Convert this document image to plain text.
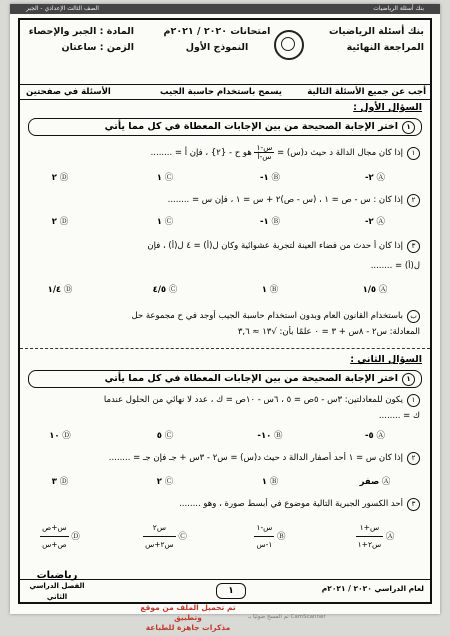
بنك أسئلة الرياضيات
الصف الثالث الإعدادي - الجبر
بنك أسئلة الرياضيات
المراجعة النهائية
امتحانات ٢٠٢٠ / ٢٠٢١م
النموذج الأول
المادة : الجبر والإحصاء
الزمن : ساعتان
أجب عن جميع الأسئلة التالية
يسمح باستخدام حاسبة الجيب
الأسئلة في صفحتين
السؤال الأول :
١اختر الإجابة الصحيحة من بين الإجابات المعطاة في كل مما يأتي
١إذا كان مجال الدالة د حيث د(س) =
$\frac{\text{س-١}}{\text{س-أ}}$
هو ح - {٢} ، فإن أ = ........
Ⓐ ٢-
Ⓑ ١-
Ⓒ ١
Ⓓ ٢
٢إذا كان : س - ص = ١ ، (س - ص)٢ + س = ١ ، فإن س = ........
Ⓐ ٢-
Ⓑ ١-
Ⓒ ١
Ⓓ ٢
٣إذا كان أ حدث من فضاء العينة لتجربة عشوائية وكان ل(أ) = ٤ ل(أ) ، فإن
ل(أ) = ........
Ⓐ ١/٥
Ⓑ ١
Ⓒ ٤/٥
Ⓓ ١/٤
بباستخدام القانون العام وبدون استخدام حاسبة الجيب أوجد في ح مجموعة حل
المعادلة: س٢ - ٨س + ٣ = ٠ علمًا بأن: √١٣ ≈ ٣,٦
السؤال الثاني :
١اختر الإجابة الصحيحة من بين الإجابات المعطاة في كل مما يأتي
١يكون للمعادلتين: ٣س - ٥ص = ٥ ، ٦س - ١٠ص = ك ، عدد لا نهائي من الحلول عندما
ك = ........
Ⓐ ٥-
Ⓑ ١٠-
Ⓒ ٥
Ⓓ ١٠
٢إذا كان س = ١ أحد أصفار الدالة د حيث د(س) = س٢ - ٣س + جـ فإن جـ = ........
Ⓐ صفر
Ⓑ ١
Ⓒ ٢
Ⓓ ٣
٣أحد الكسور الجبرية التالية موضوع في أبسط صورة ، وهو ........
Ⓐ
$\frac{\text{س+١}}{\text{س٢+١}}$
Ⓑ
$\frac{\text{س-١}}{\text{١-س}}$
Ⓒ
$\frac{\text{س٢}}{\text{س٢+س}}$
Ⓓ
$\frac{\text{س+ص}}{\text{ص+س}}$
رياضيات
الفصل الدراسي الثاني
١	لعام الدراسي ٢٠٢٠ / ٢٠٢١م
تم تحميل الملف من موقع وتطبيق
مذكرات جاهزة للطباعة
CamScanner تم المسح ضوئيًا بـ
